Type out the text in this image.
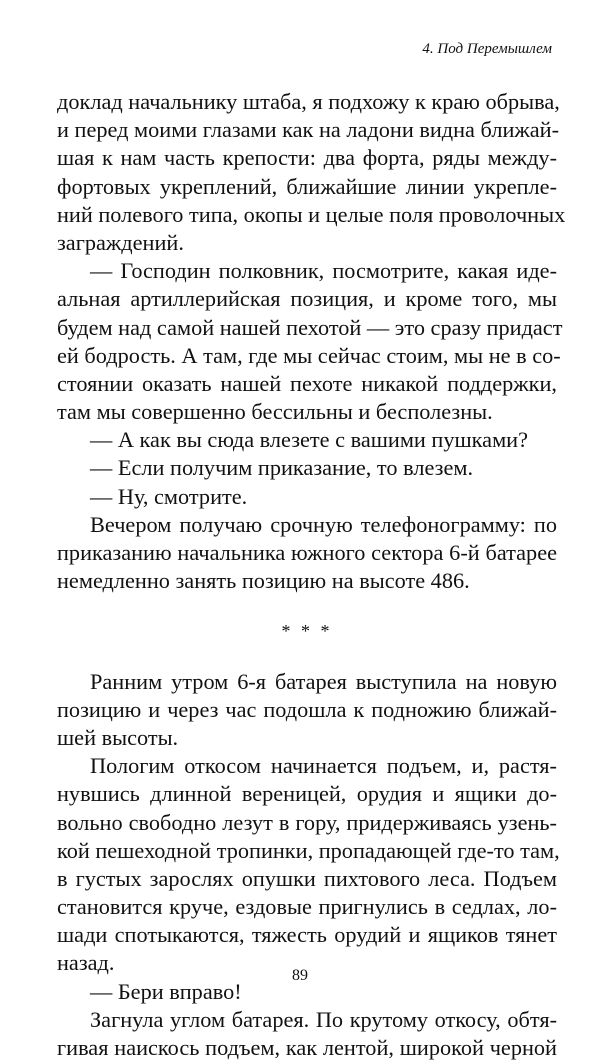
4. Под Перемышлем
доклад начальнику штаба, я подхожу к краю обрыва,
и перед моими глазами как на ладони видна ближай-
шая к нам часть крепости: два форта, ряды между-
фортовых укреплений, ближайшие линии укрепле-
ний полевого типа, окопы и целые поля проволочных
заграждений.
— Господин полковник, посмотрите, какая иде-
альная артиллерийская позиция, и кроме того, мы
будем над самой нашей пехотой — это сразу придаст
ей бодрость. А там, где мы сейчас стоим, мы не в со-
стоянии оказать нашей пехоте никакой поддержки,
там мы совершенно бессильны и бесполезны.
— А как вы сюда влезете с вашими пушками?
— Если получим приказание, то влезем.
— Ну, смотрите.
Вечером получаю срочную телефонограмму: по
приказанию начальника южного сектора 6-й батарее
немедленно занять позицию на высоте 486.
* * *
Ранним утром 6-я батарея выступила на новую
позицию и через час подошла к подножию ближай-
шей высоты.
Пологим откосом начинается подъем, и, растя-
нувшись длинной вереницей, орудия и ящики до-
вольно свободно лезут в гору, придерживаясь узень-
кой пешеходной тропинки, пропадающей где-то там,
в густых зарослях опушки пихтового леса. Подъем
становится круче, ездовые пригнулись в седлах, ло-
шади спотыкаются, тяжесть орудий и ящиков тянет
назад.
— Бери вправо!
Загнула углом батарея. По крутому откосу, обтя-
гивая наискось подъем, как лентой, широкой черной
89
